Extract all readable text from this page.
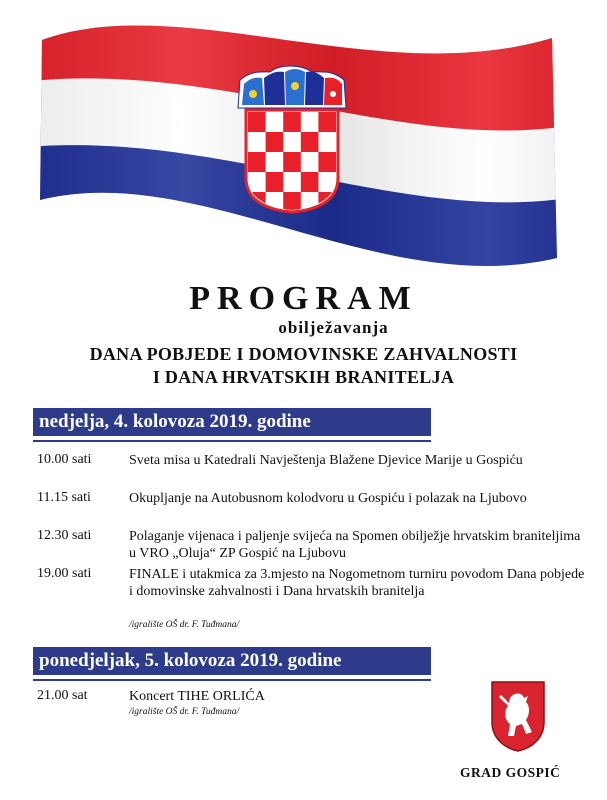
PROGRAM
obilježavanja
DANA POBJEDE I DOMOVINSKE ZAHVALNOSTI
I DANA HRVATSKIH BRANITELJA
nedjelja, 4. kolovoza 2019. godine
10.00 sati	Sveta misa u Katedrali Navještenja Blažene Djevice Marije u Gospiću
11.15 sati	Okupljanje na Autobusnom kolodvoru u Gospiću i polazak na Ljubovo
12.30 sati	Polaganje vijenaca i paljenje svijeća na Spomen obilježje hrvatskim braniteljima u VRO „Oluja“ ZP Gospić na Ljubovu
19.00 sati	FINALE i utakmica za 3.mjesto na Nogometnom turniru povodom Dana pobjede i domovinske zahvalnosti i Dana hrvatskih branitelja
/igralište OŠ dr. F. Tuđmana/
ponedjeljak, 5. kolovoza 2019. godine
21.00 sat	Koncert TIHE ORLIĆA
/igralište OŠ dr. F. Tuđmana/
GRAD GOSPIĆ
